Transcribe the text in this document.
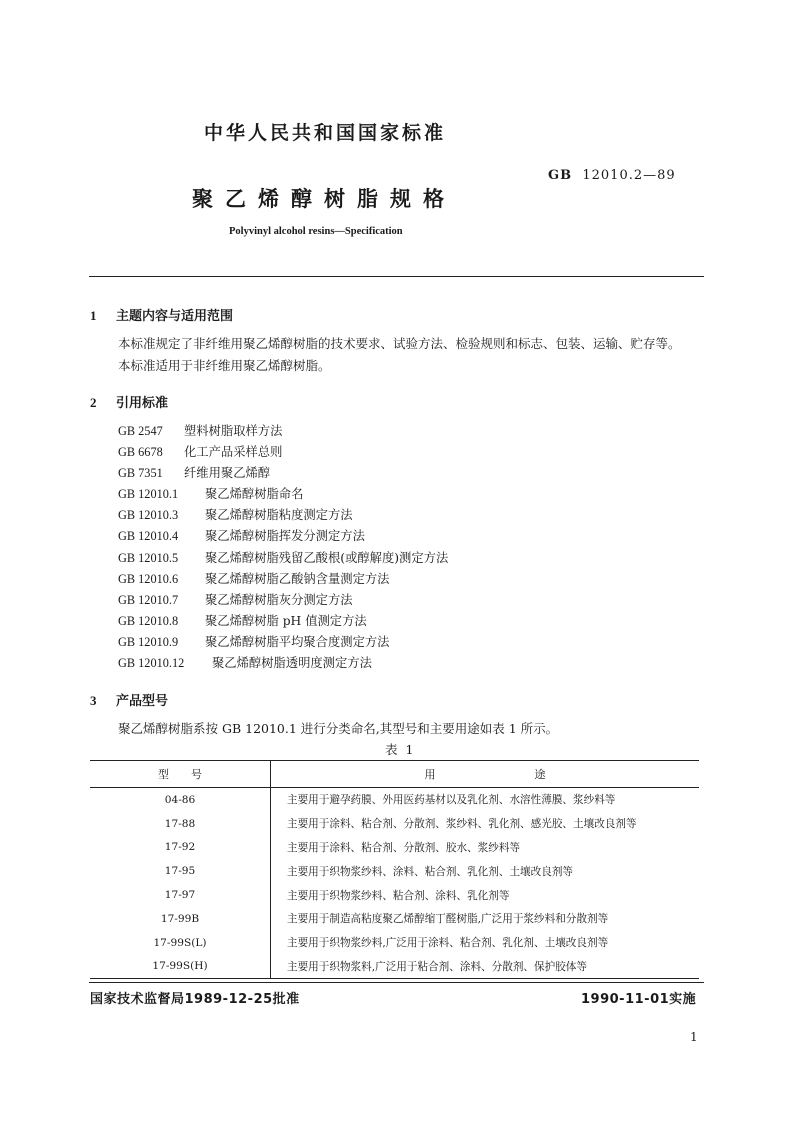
中华人民共和国国家标准
GB 12010.2—89
聚乙烯醇树脂规格
Polyvinyl alcohol resins—Specification
1 主题内容与适用范围
本标准规定了非纤维用聚乙烯醇树脂的技术要求、试验方法、检验规则和标志、包装、运输、贮存等。
本标准适用于非纤维用聚乙烯醇树脂。
2 引用标准
GB 2547 塑料树脂取样方法
GB 6678 化工产品采样总则
GB 7351 纤维用聚乙烯醇
GB 12010.1 聚乙烯醇树脂命名
GB 12010.3 聚乙烯醇树脂粘度测定方法
GB 12010.4 聚乙烯醇树脂挥发分测定方法
GB 12010.5 聚乙烯醇树脂残留乙酸根(或醇解度)测定方法
GB 12010.6 聚乙烯醇树脂乙酸钠含量测定方法
GB 12010.7 聚乙烯醇树脂灰分测定方法
GB 12010.8 聚乙烯醇树脂 pH 值测定方法
GB 12010.9 聚乙烯醇树脂平均聚合度测定方法
GB 12010.12 聚乙烯醇树脂透明度测定方法
3 产品型号
聚乙烯醇树脂系按 GB 12010.1 进行分类命名,其型号和主要用途如表 1 所示。
表 1
型　　号	用　　　　　　　　　途
04-86	主要用于避孕药膜、外用医药基材以及乳化剂、水溶性薄膜、浆纱料等
17-88	主要用于涂料、粘合剂、分散剂、浆纱料、乳化剂、感光胶、土壤改良剂等
17-92	主要用于涂料、粘合剂、分散剂、胶水、浆纱料等
17-95	主要用于织物浆纱料、涂料、粘合剂、乳化剂、土壤改良剂等
17-97	主要用于织物浆纱料、粘合剂、涂料、乳化剂等
17-99B	主要用于制造高粘度聚乙烯醇缩丁醛树脂,广泛用于浆纱料和分散剂等
17-99S(L)	主要用于织物浆纱料,广泛用于涂料、粘合剂、乳化剂、土壤改良剂等
17-99S(H)	主要用于织物浆料,广泛用于粘合剂、涂料、分散剂、保护胶体等
国家技术监督局1989-12-25批准	1990-11-01实施
1
